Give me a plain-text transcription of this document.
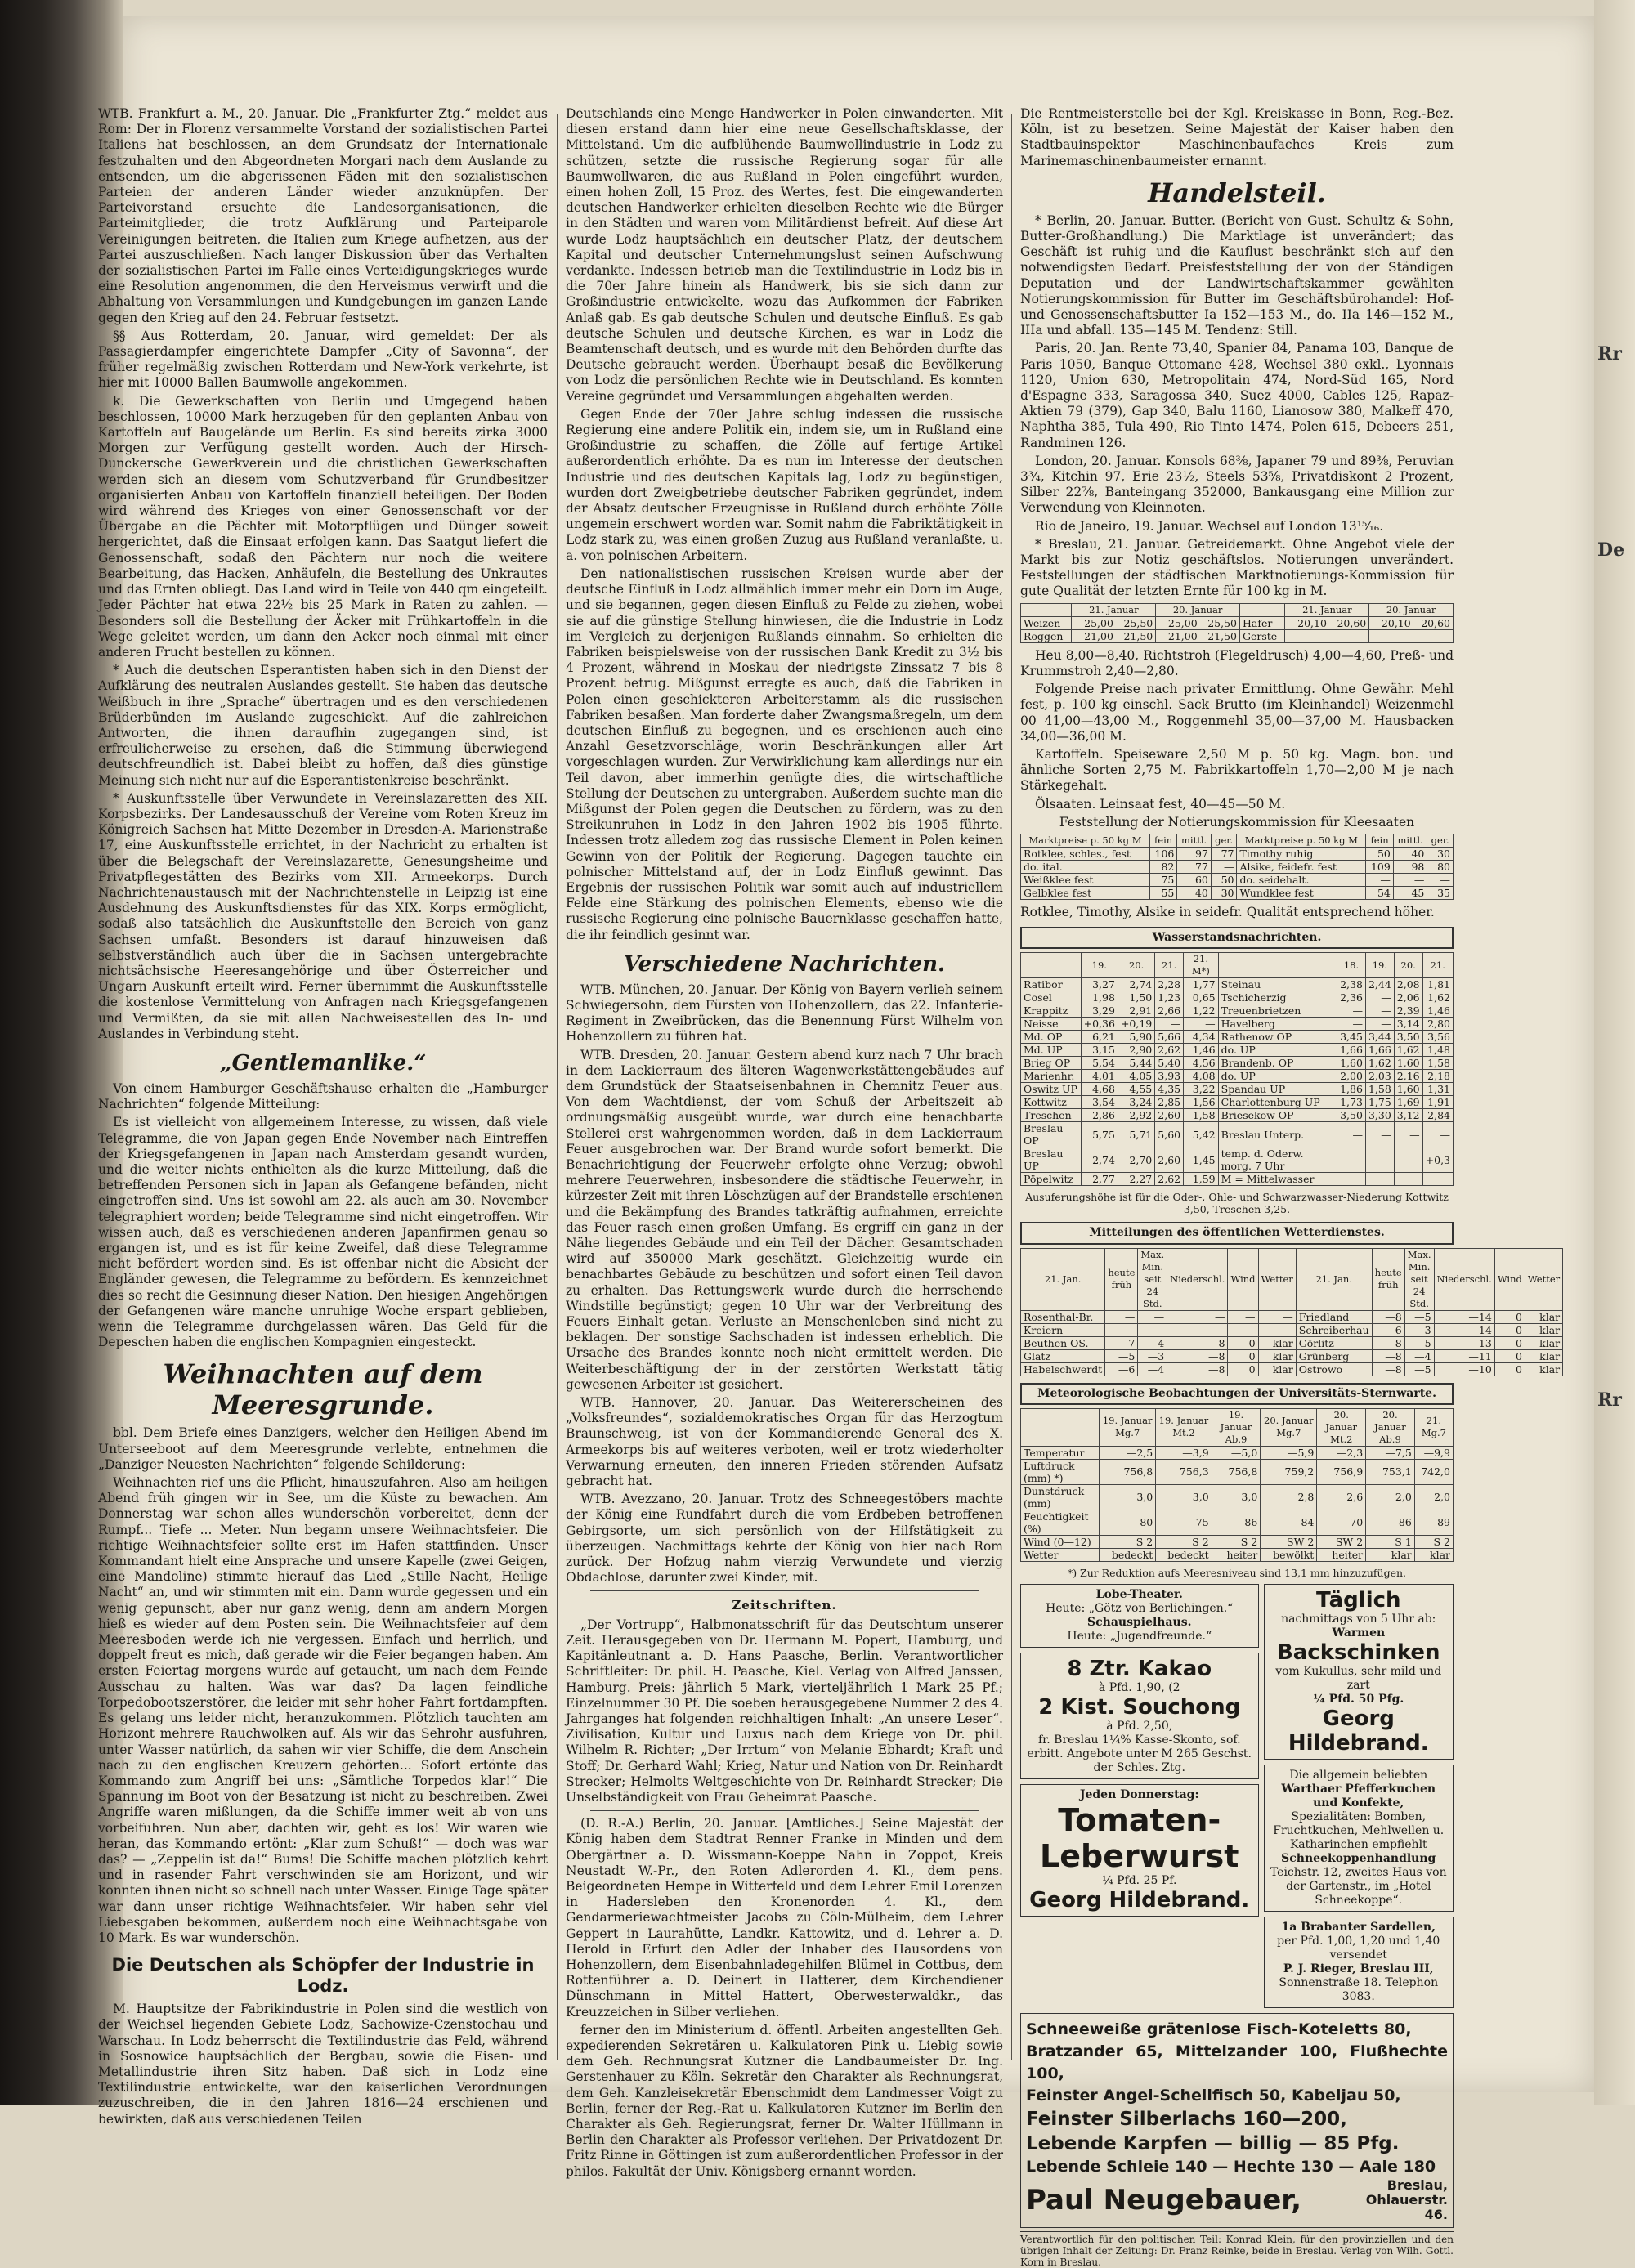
Rr
De
Rr

WTB. Frankfurt a. M., 20. Januar. Die „Frankfurter Ztg.“ meldet aus Rom: Der in Florenz versammelte Vorstand der sozialistischen Partei Italiens hat beschlossen, an dem Grundsatz der Internationale festzuhalten und den Abgeordneten Morgari nach dem Auslande zu entsenden, um die abgerissenen Fäden mit den sozialistischen Parteien der anderen Länder wieder anzuknüpfen. Der Parteivorstand ersuchte die Landesorganisationen, die Parteimitglieder, die trotz Aufklärung und Parteiparole Vereinigungen beitreten, die Italien zum Kriege aufhetzen, aus der Partei auszuschließen. Nach langer Diskussion über das Verhalten der sozialistischen Partei im Falle eines Verteidigungskrieges wurde eine Resolution angenommen, die den Herveismus verwirft und die Abhaltung von Versammlungen und Kundgebungen im ganzen Lande gegen den Krieg auf den 24. Februar festsetzt.

§§ Aus Rotterdam, 20. Januar, wird gemeldet: Der als Passagierdampfer eingerichtete Dampfer „City of Savonna“, der früher regelmäßig zwischen Rotterdam und New-York verkehrte, ist hier mit 10000 Ballen Baumwolle angekommen.

k. Die Gewerkschaften von Berlin und Umgegend haben beschlossen, 10000 Mark herzugeben für den geplanten Anbau von Kartoffeln auf Baugelände um Berlin. Es sind bereits zirka 3000 Morgen zur Verfügung gestellt worden. Auch der Hirsch-Dunckersche Gewerkverein und die christlichen Gewerkschaften werden sich an diesem vom Schutzverband für Grundbesitzer organisierten Anbau von Kartoffeln finanziell beteiligen. Der Boden wird während des Krieges von einer Genossenschaft vor der Übergabe an die Pächter mit Motorpflügen und Dünger soweit hergerichtet, daß die Einsaat erfolgen kann. Das Saatgut liefert die Genossenschaft, sodaß den Pächtern nur noch die weitere Bearbeitung, das Hacken, Anhäufeln, die Bestellung des Unkrautes und das Ernten obliegt. Das Land wird in Teile von 440 qm eingeteilt. Jeder Pächter hat etwa 22½ bis 25 Mark in Raten zu zahlen. — Besonders soll die Bestellung der Äcker mit Frühkartoffeln in die Wege geleitet werden, um dann den Acker noch einmal mit einer anderen Frucht bestellen zu können.

* Auch die deutschen Esperantisten haben sich in den Dienst der Aufklärung des neutralen Auslandes gestellt. Sie haben das deutsche Weißbuch in ihre „Sprache“ übertragen und es den verschiedenen Brüderbünden im Auslande zugeschickt. Auf die zahlreichen Antworten, die ihnen daraufhin zugegangen sind, ist erfreulicherweise zu ersehen, daß die Stimmung überwiegend deutschfreundlich ist. Dabei bleibt zu hoffen, daß dies günstige Meinung sich nicht nur auf die Esperantistenkreise beschränkt.

* Auskunftsstelle über Verwundete in Vereinslazaretten des XII. Korpsbezirks. Der Landesausschuß der Vereine vom Roten Kreuz im Königreich Sachsen hat Mitte Dezember in Dresden-A. Marienstraße 17, eine Auskunftsstelle errichtet, in der Nachricht zu erhalten ist über die Belegschaft der Vereinslazarette, Genesungsheime und Privatpflegestätten des Bezirks vom XII. Armeekorps. Durch Nachrichtenaustausch mit der Nachrichtenstelle in Leipzig ist eine Ausdehnung des Auskunftsdienstes für das XIX. Korps ermöglicht, sodaß also tatsächlich die Auskunftstelle den Bereich von ganz Sachsen umfaßt. Besonders ist darauf hinzuweisen daß selbstverständlich auch über die in Sachsen untergebrachte nichtsächsische Heeresangehörige und über Österreicher und Ungarn Auskunft erteilt wird. Ferner übernimmt die Auskunftsstelle die kostenlose Vermittelung von Anfragen nach Kriegsgefangenen und Vermißten, da sie mit allen Nachweisestellen des In- und Auslandes in Verbindung steht.

„Gentlemanlike.“

Von einem Hamburger Geschäftshause erhalten die „Hamburger Nachrichten“ folgende Mitteilung:

Es ist vielleicht von allgemeinem Interesse, zu wissen, daß viele Telegramme, die von Japan gegen Ende November nach Eintreffen der Kriegsgefangenen in Japan nach Amsterdam gesandt wurden, und die weiter nichts enthielten als die kurze Mitteilung, daß die betreffenden Personen sich in Japan als Gefangene befänden, nicht eingetroffen sind. Uns ist sowohl am 22. als auch am 30. November telegraphiert worden; beide Telegramme sind nicht eingetroffen. Wir wissen auch, daß es verschiedenen anderen Japanfirmen genau so ergangen ist, und es ist für keine Zweifel, daß diese Telegramme nicht befördert worden sind. Es ist offenbar nicht die Absicht der Engländer gewesen, die Telegramme zu befördern. Es kennzeichnet dies so recht die Gesinnung dieser Nation. Den hiesigen Angehörigen der Gefangenen wäre manche unruhige Woche erspart geblieben, wenn die Telegramme durchgelassen wären. Das Geld für die Depeschen haben die englischen Kompagnien eingesteckt.

Weihnachten auf dem Meeresgrunde.

bbl. Dem Briefe eines Danzigers, welcher den Heiligen Abend im Unterseeboot auf dem Meeresgrunde verlebte, entnehmen die „Danziger Neuesten Nachrichten“ folgende Schilderung:

Weihnachten rief uns die Pflicht, hinauszufahren. Also am heiligen Abend früh gingen wir in See, um die Küste zu bewachen. Am Donnerstag war schon alles wunderschön vorbereitet, denn der Rumpf... Tiefe ... Meter. Nun begann unsere Weihnachtsfeier. Die richtige Weihnachtsfeier sollte erst im Hafen stattfinden. Unser Kommandant hielt eine Ansprache und unsere Kapelle (zwei Geigen, eine Mandoline) stimmte hierauf das Lied „Stille Nacht, Heilige Nacht“ an, und wir stimmten mit ein. Dann wurde gegessen und ein wenig gepunscht, aber nur ganz wenig, denn am andern Morgen hieß es wieder auf dem Posten sein. Die Weihnachtsfeier auf dem Meeresboden werde ich nie vergessen. Einfach und herrlich, und doppelt freut es mich, daß gerade wir die Feier begangen haben. Am ersten Feiertag morgens wurde auf getaucht, um nach dem Feinde Ausschau zu halten. Was war das? Da lagen feindliche Torpedobootszerstörer, die leider mit sehr hoher Fahrt fortdampften. Es gelang uns leider nicht, heranzukommen. Plötzlich tauchten am Horizont mehrere Rauchwolken auf. Als wir das Sehrohr ausfuhren, unter Wasser natürlich, da sahen wir vier Schiffe, die dem Anschein nach zu den englischen Kreuzern gehörten... Sofort ertönte das Kommando zum Angriff bei uns: „Sämtliche Torpedos klar!“ Die Spannung im Boot von der Besatzung ist nicht zu beschreiben. Zwei Angriffe waren mißlungen, da die Schiffe immer weit ab von uns vorbeifuhren. Nun aber, dachten wir, geht es los! Wir waren wie heran, das Kommando ertönt: „Klar zum Schuß!“ — doch was war das? — „Zeppelin ist da!“ Bums! Die Schiffe machen plötzlich kehrt und in rasender Fahrt verschwinden sie am Horizont, und wir konnten ihnen nicht so schnell nach unter Wasser. Einige Tage später war dann unser richtige Weihnachtsfeier. Wir haben sehr viel Liebesgaben bekommen, außerdem noch eine Weihnachtsgabe von 10 Mark. Es war wunderschön.

Die Deutschen als Schöpfer der Industrie in Lodz.

M. Hauptsitze der Fabrikindustrie in Polen sind die westlich von der Weichsel liegenden Gebiete Lodz, Sachowize-Czenstochau und Warschau. In Lodz beherrscht die Textilindustrie das Feld, während in Sosnowice hauptsächlich der Bergbau, sowie die Eisen- und Metallindustrie ihren Sitz haben. Daß sich in Lodz eine Textilindustrie entwickelte, war den kaiserlichen Verordnungen zuzuschreiben, die in den Jahren 1816—24 erschienen und bewirkten, daß aus verschiedenen Teilen

Deutschlands eine Menge Handwerker in Polen einwanderten. Mit diesen erstand dann hier eine neue Gesellschaftsklasse, der Mittelstand. Um die aufblühende Baumwollindustrie in Lodz zu schützen, setzte die russische Regierung sogar für alle Baumwollwaren, die aus Rußland in Polen eingeführt wurden, einen hohen Zoll, 15 Proz. des Wertes, fest. Die eingewanderten deutschen Handwerker erhielten dieselben Rechte wie die Bürger in den Städten und waren vom Militärdienst befreit. Auf diese Art wurde Lodz hauptsächlich ein deutscher Platz, der deutschem Kapital und deutscher Unternehmungslust seinen Aufschwung verdankte. Indessen betrieb man die Textilindustrie in Lodz bis in die 70er Jahre hinein als Handwerk, bis sie sich dann zur Großindustrie entwickelte, wozu das Aufkommen der Fabriken Anlaß gab. Es gab deutsche Schulen und deutsche Einfluß. Es gab deutsche Schulen und deutsche Kirchen, es war in Lodz die Beamtenschaft deutsch, und es wurde mit den Behörden durfte das Deutsche gebraucht werden. Überhaupt besaß die Bevölkerung von Lodz die persönlichen Rechte wie in Deutschland. Es konnten Vereine gegründet und Versammlungen abgehalten werden.

Gegen Ende der 70er Jahre schlug indessen die russische Regierung eine andere Politik ein, indem sie, um in Rußland eine Großindustrie zu schaffen, die Zölle auf fertige Artikel außerordentlich erhöhte. Da es nun im Interesse der deutschen Industrie und des deutschen Kapitals lag, Lodz zu begünstigen, wurden dort Zweigbetriebe deutscher Fabriken gegründet, indem der Absatz deutscher Erzeugnisse in Rußland durch erhöhte Zölle ungemein erschwert worden war. Somit nahm die Fabriktätigkeit in Lodz stark zu, was einen großen Zuzug aus Rußland veranlaßte, u. a. von polnischen Arbeitern.

Den nationalistischen russischen Kreisen wurde aber der deutsche Einfluß in Lodz allmählich immer mehr ein Dorn im Auge, und sie begannen, gegen diesen Einfluß zu Felde zu ziehen, wobei sie auf die günstige Stellung hinwiesen, die die Industrie in Lodz im Vergleich zu derjenigen Rußlands einnahm. So erhielten die Fabriken beispielsweise von der russischen Bank Kredit zu 3½ bis 4 Prozent, während in Moskau der niedrigste Zinssatz 7 bis 8 Prozent betrug. Mißgunst erregte es auch, daß die Fabriken in Polen einen geschickteren Arbeiterstamm als die russischen Fabriken besaßen. Man forderte daher Zwangsmaßregeln, um dem deutschen Einfluß zu begegnen, und es erschienen auch eine Anzahl Gesetzvorschläge, worin Beschränkungen aller Art vorgeschlagen wurden. Zur Verwirklichung kam allerdings nur ein Teil davon, aber immerhin genügte dies, die wirtschaftliche Stellung der Deutschen zu untergraben. Außerdem suchte man die Mißgunst der Polen gegen die Deutschen zu fördern, was zu den Streikunruhen in Lodz in den Jahren 1902 bis 1905 führte. Indessen trotz alledem zog das russische Element in Polen keinen Gewinn von der Politik der Regierung. Dagegen tauchte ein polnischer Mittelstand auf, der in Lodz Einfluß gewinnt. Das Ergebnis der russischen Politik war somit auch auf industriellem Felde eine Stärkung des polnischen Elements, ebenso wie die russische Regierung eine polnische Bauernklasse geschaffen hatte, die ihr feindlich gesinnt war.

Verschiedene Nachrichten.

WTB. München, 20. Januar. Der König von Bayern verlieh seinem Schwiegersohn, dem Fürsten von Hohenzollern, das 22. Infanterie-Regiment in Zweibrücken, das die Benennung Fürst Wilhelm von Hohenzollern zu führen hat.

WTB. Dresden, 20. Januar. Gestern abend kurz nach 7 Uhr brach in dem Lackierraum des älteren Wagenwerkstättengebäudes auf dem Grundstück der Staatseisenbahnen in Chemnitz Feuer aus. Von dem Wachtdienst, der vom Schuß der Arbeitszeit ab ordnungsmäßig ausgeübt wurde, war durch eine benachbarte Stellerei erst wahrgenommen worden, daß in dem Lackierraum Feuer ausgebrochen war. Der Brand wurde sofort bemerkt. Die Benachrichtigung der Feuerwehr erfolgte ohne Verzug; obwohl mehrere Feuerwehren, insbesondere die städtische Feuerwehr, in kürzester Zeit mit ihren Löschzügen auf der Brandstelle erschienen und die Bekämpfung des Brandes tatkräftig aufnahmen, erreichte das Feuer rasch einen großen Umfang. Es ergriff ein ganz in der Nähe liegendes Gebäude und ein Teil der Dächer. Gesamtschaden wird auf 350000 Mark geschätzt. Gleichzeitig wurde ein benachbartes Gebäude zu beschützen und sofort einen Teil davon zu erhalten. Das Rettungswerk wurde durch die herrschende Windstille begünstigt; gegen 10 Uhr war der Verbreitung des Feuers Einhalt getan. Verluste an Menschenleben sind nicht zu beklagen. Der sonstige Sachschaden ist indessen erheblich. Die Ursache des Brandes konnte noch nicht ermittelt werden. Die Weiterbeschäftigung der in der zerstörten Werkstatt tätig gewesenen Arbeiter ist gesichert.

WTB. Hannover, 20. Januar. Das Weitererscheinen des „Volksfreundes“, sozialdemokratisches Organ für das Herzogtum Braunschweig, ist von der Kommandierende General des X. Armeekorps bis auf weiteres verboten, weil er trotz wiederholter Verwarnung erneuten, den inneren Frieden störenden Aufsatz gebracht hat.

WTB. Avezzano, 20. Januar. Trotz des Schneegestöbers machte der König eine Rundfahrt durch die vom Erdbeben betroffenen Gebirgsorte, um sich persönlich von der Hilfstätigkeit zu überzeugen. Nachmittags kehrte der König von hier nach Rom zurück. Der Hofzug nahm vierzig Verwundete und vierzig Obdachlose, darunter zwei Kinder, mit.

Zeitschriften.

„Der Vortrupp“, Halbmonatsschrift für das Deutschtum unserer Zeit. Herausgegeben von Dr. Hermann M. Popert, Hamburg, und Kapitänleutnant a. D. Hans Paasche, Berlin. Verantwortlicher Schriftleiter: Dr. phil. H. Paasche, Kiel. Verlag von Alfred Janssen, Hamburg. Preis: jährlich 5 Mark, vierteljährlich 1 Mark 25 Pf.; Einzelnummer 30 Pf. Die soeben herausgegebene Nummer 2 des 4. Jahrganges hat folgenden reichhaltigen Inhalt: „An unsere Leser“. Zivilisation, Kultur und Luxus nach dem Kriege von Dr. phil. Wilhelm R. Richter; „Der Irrtum“ von Melanie Ebhardt; Kraft und Stoff; Dr. Gerhard Wahl; Krieg, Natur und Nation von Dr. Reinhardt Strecker; Helmolts Weltgeschichte von Dr. Reinhardt Strecker; Die Unselbständigkeit von Frau Geheimrat Paasche.

(D. R.-A.) Berlin, 20. Januar. [Amtliches.] Seine Majestät der König haben dem Stadtrat Renner Franke in Minden und dem Obergärtner a. D. Wissmann-Koeppe Nahn in Zoppot, Kreis Neustadt W.-Pr., den Roten Adlerorden 4. Kl., dem pens. Beigeordneten Hempe in Witterfeld und dem Lehrer Emil Lorenzen in Hadersleben den Kronenorden 4. Kl., dem Gendarmeriewachtmeister Jacobs zu Cöln-Mülheim, dem Lehrer Geppert in Laurahütte, Landkr. Kattowitz, und d. Lehrer a. D. Herold in Erfurt den Adler der Inhaber des Hausordens von Hohenzollern, dem Eisenbahnladegehilfen Blümel in Cottbus, dem Rottenführer a. D. Deinert in Hatterer, dem Kirchendiener Dünschmann in Mittel Hattert, Oberwesterwaldkr., das Kreuzzeichen in Silber verliehen.

ferner den im Ministerium d. öffentl. Arbeiten angestellten Geh. expedierenden Sekretären u. Kalkulatoren Pink u. Liebig sowie dem Geh. Rechnungsrat Kutzner die Landbaumeister Dr. Ing. Gerstenhauer zu Köln. Sekretär den Charakter als Rechnungsrat, dem Geh. Kanzleisekretär Ebenschmidt dem Landmesser Voigt zu Berlin, ferner der Reg.-Rat u. Kalkulatoren Kutzner im Berlin den Charakter als Geh. Regierungsrat, ferner Dr. Walter Hüllmann in Berlin den Charakter als Professor verliehen. Der Privatdozent Dr. Fritz Rinne in Göttingen ist zum außerordentlichen Professor in der philos. Fakultät der Univ. Königsberg ernannt worden.

Die Rentmeisterstelle bei der Kgl. Kreiskasse in Bonn, Reg.-Bez. Köln, ist zu besetzen. Seine Majestät der Kaiser haben den Stadtbauinspektor Maschinenbaufaches Kreis zum Marinemaschinenbaumeister ernannt.

Handelsteil.

* Berlin, 20. Januar. Butter. (Bericht von Gust. Schultz & Sohn, Butter-Großhandlung.) Die Marktlage ist unverändert; das Geschäft ist ruhig und die Kauflust beschränkt sich auf den notwendigsten Bedarf. Preisfeststellung der von der Ständigen Deputation und der Landwirtschaftskammer gewählten Notierungskommission für Butter im Geschäftsbürohandel: Hof- und Genossenschaftsbutter Ia 152—153 M., do. IIa 146—152 M., IIIa und abfall. 135—145 M. Tendenz: Still.

Paris, 20. Jan. Rente 73,40, Spanier 84, Panama 103, Banque de Paris 1050, Banque Ottomane 428, Wechsel 380 exkl., Lyonnais 1120, Union 630, Metropolitain 474, Nord-Süd 165, Nord d'Espagne 333, Saragossa 340, Suez 4000, Cables 125, Rapaz-Aktien 79 (379), Gap 340, Balu 1160, Lianosow 380, Malkeff 470, Naphtha 385, Tula 490, Rio Tinto 1474, Polen 615, Debeers 251, Randminen 126.

London, 20. Januar. Konsols 68⅜, Japaner 79 und 89⅜, Peruvian 3¾, Kitchin 97, Erie 23½, Steels 53⅝, Privatdiskont 2 Prozent, Silber 22⅞, Banteingang 352000, Bankausgang eine Million zur Verwendung von Kleinnoten.

Rio de Janeiro, 19. Januar. Wechsel auf London 13¹⁵⁄₁₆.

* Breslau, 21. Januar. Getreidemarkt. Ohne Angebot viele der Markt bis zur Notiz geschäftslos. Notierungen unverändert. Feststellungen der städtischen Marktnotierungs-Kommission für gute Qualität der letzten Ernte für 100 kg in M.

	21. Januar	20. Januar		21. Januar	20. Januar
Weizen	25,00—25,50	25,00—25,50	Hafer	20,10—20,60	20,10—20,60
Roggen	21,00—21,50	21,00—21,50	Gerste	—	—

Heu 8,00—8,40, Richtstroh (Flegeldrusch) 4,00—4,60, Preß- und Krummstroh 2,40—2,80.

Folgende Preise nach privater Ermittlung. Ohne Gewähr. Mehl fest, p. 100 kg einschl. Sack Brutto (im Kleinhandel) Weizenmehl 00 41,00—43,00 M., Roggenmehl 35,00—37,00 M. Hausbacken 34,00—36,00 M.

Kartoffeln. Speiseware 2,50 M p. 50 kg. Magn. bon. und ähnliche Sorten 2,75 M. Fabrikkartoffeln 1,70—2,00 M je nach Stärkegehalt.

Ölsaaten. Leinsaat fest, 40—45—50 M.

Feststellung der Notierungskommission für Kleesaaten

Marktpreise p. 50 kg M	fein	mittl.	ger.	Marktpreise p. 50 kg M	fein	mittl.	ger.
Rotklee, schles., fest	106	97	77	Timothy ruhig	50	40	30
do. ital.	82	77	—	Alsike, feidefr. fest	109	98	80
Weißklee fest	75	60	50	do. seidehalt.	—	—	—
Gelbklee fest	55	40	30	Wundklee fest	54	45	35

Rotklee, Timothy, Alsike in seidefr. Qualität entsprechend höher.

Wasserstandsnachrichten.
	19.	20.	21.	21. M*)		18.	19.	20.	21.
Ratibor	3,27	2,74	2,28	1,77	Steinau	2,38	2,44	2,08	1,81
Cosel	1,98	1,50	1,23	0,65	Tschicherzig	2,36	—	2,06	1,62
Krappitz	3,29	2,91	2,66	1,22	Treuenbrietzen	—	—	2,39	1,46
Neisse	+0,36	+0,19	—	—	Havelberg	—	—	3,14	2,80
Md. OP	6,21	5,90	5,66	4,34	Rathenow OP	3,45	3,44	3,50	3,56
Md. UP	3,15	2,90	2,62	1,46	do. UP	1,66	1,66	1,62	1,48
Brieg OP	5,54	5,44	5,40	4,56	Brandenb. OP	1,60	1,62	1,60	1,58
Marienhr.	4,01	4,05	3,93	4,08	do. UP	2,00	2,03	2,16	2,18
Oswitz UP	4,68	4,55	4,35	3,22	Spandau UP	1,86	1,58	1,60	1,31
Kottwitz	3,54	3,24	2,85	1,56	Charlottenburg UP	1,73	1,75	1,69	1,91
Treschen	2,86	2,92	2,60	1,58	Briesekow OP	3,50	3,30	3,12	2,84
Breslau OP	5,75	5,71	5,60	5,42	Breslau Unterp.	—	—	—	—
Breslau UP	2,74	2,70	2,60	1,45	temp. d. Oderw. morg. 7 Uhr				+0,3
Pöpelwitz	2,77	2,27	2,62	1,59	M = Mittelwasser				
Ausuferungshöhe ist für die Oder-, Ohle- und Schwarzwasser-Niederung Kottwitz 3,50, Treschen 3,25.
Mitteilungen des öffentlichen Wetterdienstes.
21. Jan.	heute früh	Max. Min. seit 24 Std.	Niederschl.	Wind	Wetter	21. Jan.	heute früh	Max. Min. seit 24 Std.	Niederschl.	Wind	Wetter
Rosenthal-Br.	—	—	—	—	—	Friedland	—8	—5	—14	0	klar
Kreiern	—	—	—	—	—	Schreiberhau	—6	—3	—14	0	klar
Beuthen OS.	—7	—4	—8	0	klar	Görlitz	—8	—5	—13	0	klar
Glatz	—5	—3	—8	0	klar	Grünberg	—8	—4	—11	0	klar
Habelschwerdt	—6	—4	—8	0	klar	Ostrowo	—8	—5	—10	0	klar
Meteorologische Beobachtungen der Universitäts-Sternwarte.
	19. Januar Mg.7	19. Januar Mt.2	19. Januar Ab.9	20. Januar Mg.7	20. Januar Mt.2	20. Januar Ab.9	21. Mg.7
Temperatur	—2,5	—3,9	—5,0	—5,9	—2,3	—7,5	—9,9
Luftdruck (mm) *)	756,8	756,3	756,8	759,2	756,9	753,1	742,0
Dunstdruck (mm)	3,0	3,0	3,0	2,8	2,6	2,0	2,0
Feuchtigkeit (%)	80	75	86	84	70	86	89
Wind (0—12)	S 2	S 2	S 2	SW 2	SW 2	S 1	S 2
Wetter	bedeckt	bedeckt	heiter	bewölkt	heiter	klar	klar
*) Zur Reduktion aufs Meeresniveau sind 13,1 mm hinzuzufügen.
Lobe-Theater.
Heute: „Götz von Berlichingen.“
Schauspielhaus.
Heute: „Jugendfreunde.“
8 Ztr. Kakao
à Pfd. 1,90, (2
2 Kist. Souchong
à Pfd. 2,50,
fr. Breslau 1¼% Kasse-Skonto, sof. erbitt. Angebote unter M 265 Geschst. der Schles. Ztg.
Jeden Donnerstag:
Tomaten-
Leberwurst
¼ Pfd. 25 Pf.
Georg Hildebrand.
Täglich
nachmittags von 5 Uhr ab:
Warmen
Backschinken
vom Kukullus, sehr mild und zart
¼ Pfd. 50 Pfg.
Georg Hildebrand.
Die allgemein beliebten
Warthaer Pfefferkuchen
und Konfekte,
Spezialitäten: Bomben, Fruchtkuchen, Mehlwellen u. Katharinchen empfiehlt
Schneekoppenhandlung
Teichstr. 12, zweites Haus von der Gartenstr., im „Hotel Schneekoppe“.
1a Brabanter Sardellen,
per Pfd. 1,00, 1,20 und 1,40
versendet
P. J. Rieger, Breslau III,
Sonnenstraße 18. Telephon 3083.
Schneeweiße grätenlose Fisch-Koteletts 80,
Bratzander 65, Mittelzander 100, Flußhechte 100,
Feinster Angel-Schellfisch 50, Kabeljau 50,
Feinster Silberlachs 160—200,
Lebende Karpfen — billig — 85 Pfg.
Lebende Schleie 140 — Hechte 130 — Aale 180
Paul Neugebauer,	Breslau, Ohlauerstr. 46.
Verantwortlich für den politischen Teil: Konrad Klein, für den provinziellen und den übrigen Inhalt der Zeitung: Dr. Franz Reinke, beide in Breslau. Verlag von Wilh. Gottl. Korn in Breslau.
